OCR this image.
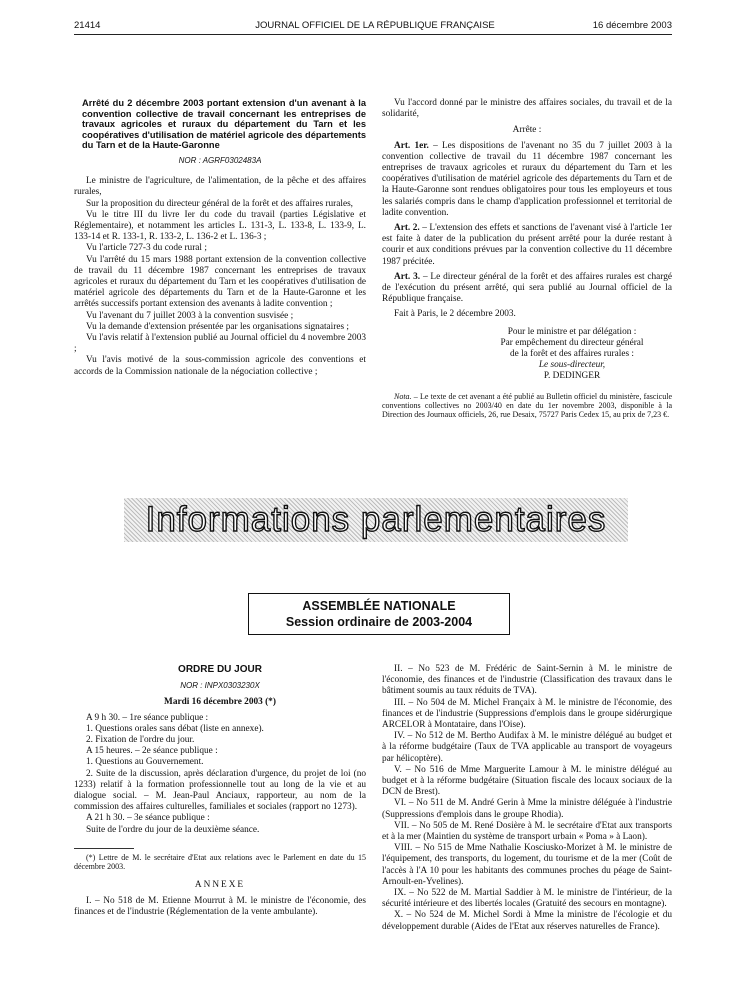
21414	JOURNAL OFFICIEL DE LA RÉPUBLIQUE FRANÇAISE	16 décembre 2003
Arrêté du 2 décembre 2003 portant extension d'un avenant à la convention collective de travail concernant les entreprises de travaux agricoles et ruraux du département du Tarn et les coopératives d'utilisation de matériel agricole des départements du Tarn et de la Haute-Garonne
NOR : AGRF0302483A

Le ministre de l'agriculture, de l'alimentation, de la pêche et des affaires rurales,

Sur la proposition du directeur général de la forêt et des affaires rurales,

Vu le titre III du livre Ier du code du travail (parties Législative et Réglementaire), et notamment les articles L. 131-3, L. 133-8, L. 133-9, L. 133-14 et R. 133-1, R. 133-2, L. 136-2 et L. 136-3 ;

Vu l'article 727-3 du code rural ;

Vu l'arrêté du 15 mars 1988 portant extension de la convention collective de travail du 11 décembre 1987 concernant les entreprises de travaux agricoles et ruraux du département du Tarn et les coopératives d'utilisation de matériel agricole des départements du Tarn et de la Haute-Garonne et les arrêtés successifs portant extension des avenants à ladite convention ;

Vu l'avenant du 7 juillet 2003 à la convention susvisée ;

Vu la demande d'extension présentée par les organisations signataires ;

Vu l'avis relatif à l'extension publié au Journal officiel du 4 novembre 2003 ;

Vu l'avis motivé de la sous-commission agricole des conventions et accords de la Commission nationale de la négociation collective ;

Vu l'accord donné par le ministre des affaires sociales, du travail et de la solidarité,

Arrête :

Art. 1er. – Les dispositions de l'avenant no 35 du 7 juillet 2003 à la convention collective de travail du 11 décembre 1987 concernant les entreprises de travaux agricoles et ruraux du département du Tarn et les coopératives d'utilisation de matériel agricole des départements du Tarn et de la Haute-Garonne sont rendues obligatoires pour tous les employeurs et tous les salariés compris dans le champ d'application professionnel et territorial de ladite convention.

Art. 2. – L'extension des effets et sanctions de l'avenant visé à l'article 1er est faite à dater de la publication du présent arrêté pour la durée restant à courir et aux conditions prévues par la convention collective du 11 décembre 1987 précitée.

Art. 3. – Le directeur général de la forêt et des affaires rurales est chargé de l'exécution du présent arrêté, qui sera publié au Journal officiel de la République française.

Fait à Paris, le 2 décembre 2003.

Pour le ministre et par délégation :
Par empêchement du directeur général
de la forêt et des affaires rurales :
Le sous-directeur,
P. DEDINGER

Nota. – Le texte de cet avenant a été publié au Bulletin officiel du ministère, fascicule conventions collectives no 2003/40 en date du 1er novembre 2003, disponible à la Direction des Journaux officiels, 26, rue Desaix, 75727 Paris Cedex 15, au prix de 7,23 €.

Informations parlementaires
ASSEMBLÉE NATIONALE
Session ordinaire de 2003-2004
ORDRE DU JOUR
NOR : INPX0303230X
Mardi 16 décembre 2003 (*)

A 9 h 30. – 1re séance publique :

1. Questions orales sans débat (liste en annexe).

2. Fixation de l'ordre du jour.

A 15 heures. – 2e séance publique :

1. Questions au Gouvernement.

2. Suite de la discussion, après déclaration d'urgence, du projet de loi (no 1233) relatif à la formation professionnelle tout au long de la vie et au dialogue social. – M. Jean-Paul Anciaux, rapporteur, au nom de la commission des affaires culturelles, familiales et sociales (rapport no 1273).

A 21 h 30. – 3e séance publique :

Suite de l'ordre du jour de la deuxième séance.

(*) Lettre de M. le secrétaire d'Etat aux relations avec le Parlement en date du 15 décembre 2003.

ANNEXE

I. – No 518 de M. Etienne Mourrut à M. le ministre de l'économie, des finances et de l'industrie (Réglementation de la vente ambulante).

II. – No 523 de M. Frédéric de Saint-Sernin à M. le ministre de l'économie, des finances et de l'industrie (Classification des travaux dans le bâtiment soumis au taux réduits de TVA).

III. – No 504 de M. Michel Françaix à M. le ministre de l'économie, des finances et de l'industrie (Suppressions d'emplois dans le groupe sidérurgique ARCELOR à Montataire, dans l'Oise).

IV. – No 512 de M. Bertho Audifax à M. le ministre délégué au budget et à la réforme budgétaire (Taux de TVA applicable au transport de voyageurs par hélicoptère).

V. – No 516 de Mme Marguerite Lamour à M. le ministre délégué au budget et à la réforme budgétaire (Situation fiscale des locaux sociaux de la DCN de Brest).

VI. – No 511 de M. André Gerin à Mme la ministre déléguée à l'industrie (Suppressions d'emplois dans le groupe Rhodia).

VII. – No 505 de M. René Dosière à M. le secrétaire d'Etat aux transports et à la mer (Maintien du système de transport urbain « Poma » à Laon).

VIII. – No 515 de Mme Nathalie Kosciusko-Morizet à M. le ministre de l'équipement, des transports, du logement, du tourisme et de la mer (Coût de l'accès à l'A 10 pour les habitants des communes proches du péage de Saint-Arnoult-en-Yvelines).

IX. – No 522 de M. Martial Saddier à M. le ministre de l'intérieur, de la sécurité intérieure et des libertés locales (Gratuité des secours en montagne).

X. – No 524 de M. Michel Sordi à Mme la ministre de l'écologie et du développement durable (Aides de l'Etat aux réserves naturelles de France).
